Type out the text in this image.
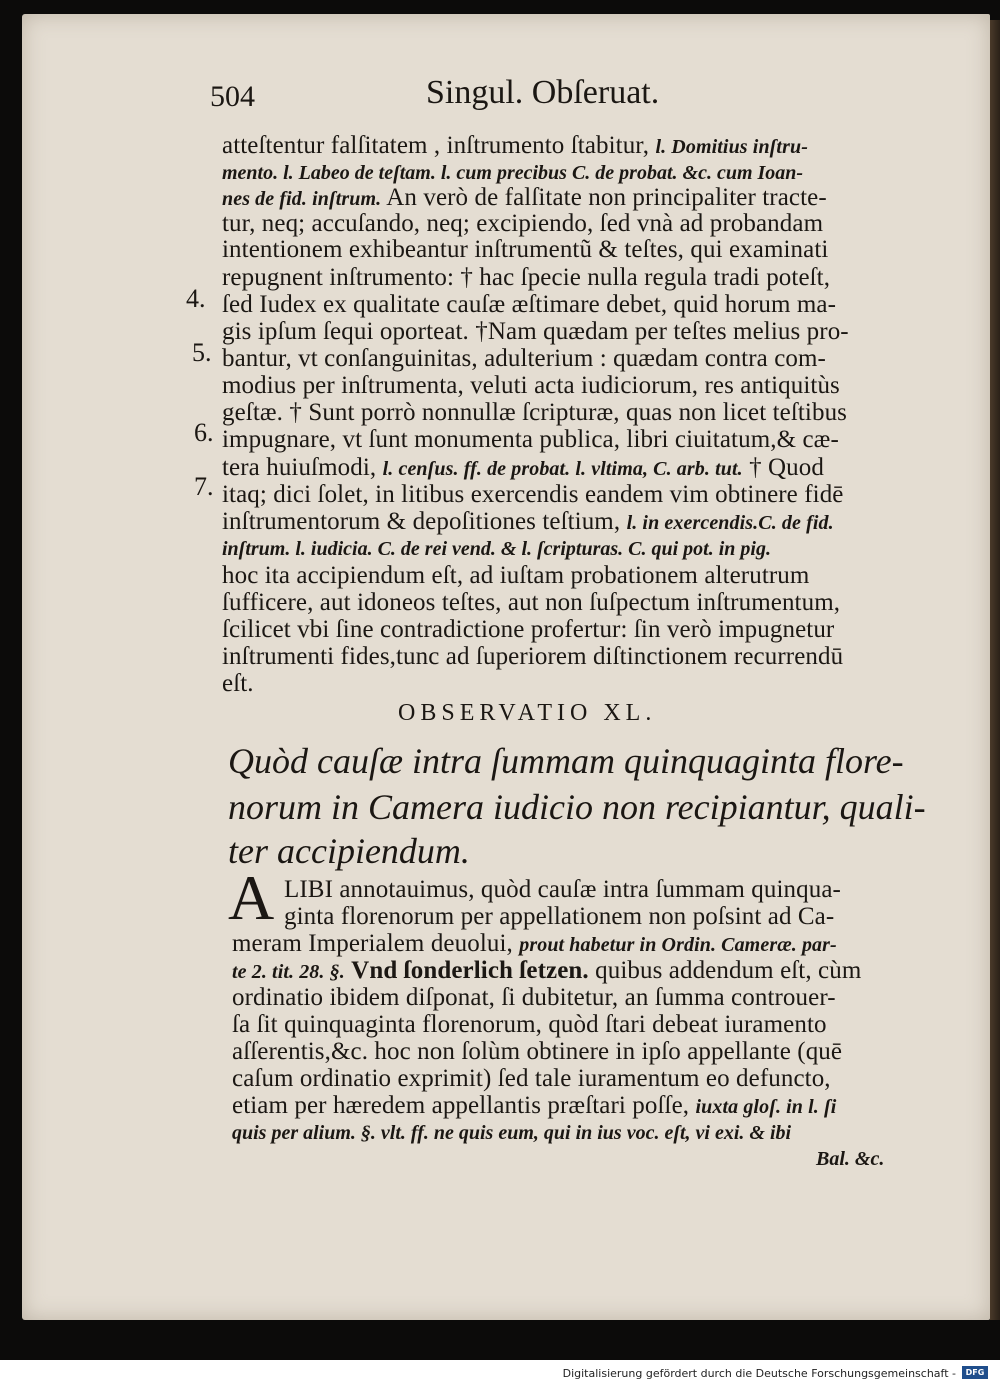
504	Singul. Obſeruat.
4.
5.
6.
7.
atteſtentur falſitatem , inſtrumento ſtabitur, l. Domitius inſtru-
mento. l. Labeo de teſtam. l. cum precibus C. de probat. &c. cum Ioan-
nes de fid. inſtrum. An verò de falſitate non principaliter tracte-
tur, neq; accuſando, neq; excipiendo, ſed vnà ad probandam
intentionem exhibeantur inſtrumentũ & teſtes, qui examinati
repugnent inſtrumento: † hac ſpecie nulla regula tradi poteſt,
ſed Iudex ex qualitate cauſæ æſtimare debet, quid horum ma-
gis ipſum ſequi oporteat. †Nam quædam per teſtes melius pro-
bantur, vt conſanguinitas, adulterium : quædam contra com-
modius per inſtrumenta, veluti acta iudiciorum, res antiquitùs
geſtæ. † Sunt porrò nonnullæ ſcripturæ, quas non licet teſtibus
impugnare, vt ſunt monumenta publica, libri ciuitatum,& cæ-
tera huiuſmodi, l. cenſus. ff. de probat. l. vltima, C. arb. tut. † Quod
itaq; dici ſolet, in litibus exercendis eandem vim obtinere fidē
inſtrumentorum & depoſitiones teſtium, l. in exercendis.C. de fid.
inſtrum. l. iudicia. C. de rei vend. & l. ſcripturas. C. qui pot. in pig.
hoc ita accipiendum eſt, ad iuſtam probationem alterutrum
ſufficere, aut idoneos teſtes, aut non ſuſpectum inſtrumentum,
ſcilicet vbi ſine contradictione profertur: ſin verò impugnetur
inſtrumenti fides,tunc ad ſuperiorem diſtinctionem recurrendū
eſt.
OBSERVATIO XL.
Quòd cauſæ intra ſummam quinquaginta flore-
norum in Camera iudicio non recipiantur, quali-
ter accipiendum.
A LIBI annotauimus, quòd cauſæ intra ſummam quinqua-
ginta florenorum per appellationem non poſsint ad Ca-
meram Imperialem deuolui, prout habetur in Ordin. Cameræ. par-
te 2. tit. 28. §. Vnd ſonderlich ſetzen. quibus addendum eſt, cùm
ordinatio ibidem diſponat, ſi dubitetur, an ſumma controuer-
ſa ſit quinquaginta florenorum, quòd ſtari debeat iuramento
aſſerentis,&c. hoc non ſolùm obtinere in ipſo appellante (quē
caſum ordinatio exprimit) ſed tale iuramentum eo defuncto,
etiam per hæredem appellantis præſtari poſſe, iuxta gloſ. in l. ſi
quis per alium. §. vlt. ff. ne quis eum, qui in ius voc. eſt, vi exi. & ibi
Bal. &c.
Digitalisierung gefördert durch die Deutsche Forschungsgemeinschaft -	DFG
